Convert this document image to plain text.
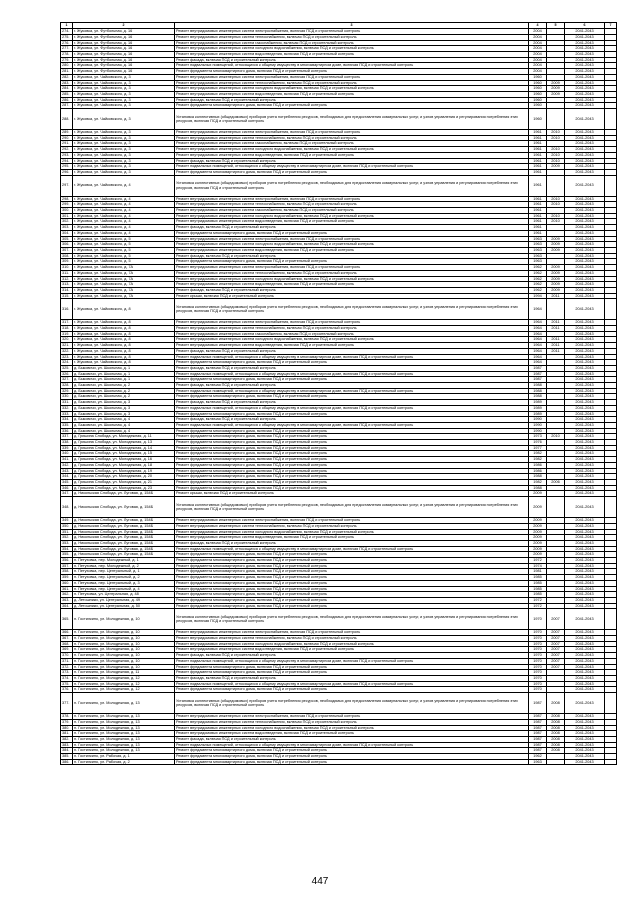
1	2	3	4	5	6	7
274.	г. Жуковка, ул. Футбольная, д. 16	Ремонт внутридомовых инженерных систем электроснабжения, включая ПСД и строительный контроль	2004		2041-2043	
275.	г. Жуковка, ул. Футбольная, д. 16	Ремонт внутридомовых инженерных систем теплоснабжения, включая ПСД и строительный контроль	2004		2041-2043	
276.	г. Жуковка, ул. Футбольная, д. 16	Ремонт внутридомовых инженерных систем газоснабжения, включая ПСД и строительный контроль	2004		2041-2043	
277.	г. Жуковка, ул. Футбольная, д. 16	Ремонт внутридомовых инженерных систем холодного водоснабжения, включая ПСД и строительный контроль	2004		2041-2043	
278.	г. Жуковка, ул. Футбольная, д. 16	Ремонт внутридомовых инженерных систем водоотведения, включая ПСД и строительный контроль	2004		2041-2043	
279.	г. Жуковка, ул. Футбольная, д. 16	Ремонт фасада, включая ПСД и строительный контроль	2004		2041-2043	
280.	г. Жуковка, ул. Футбольная, д. 16	Ремонт подвальных помещений, относящихся к общему имуществу в многоквартирном доме, включая ПСД и строительный контроль	2004		2041-2043	
281.	г. Жуковка, ул. Футбольная, д. 16	Ремонт фундамента многоквартирного дома, включая ПСД и строительный контроль	2004		2041-2043	
282.	г. Жуковка, ул. Чайковского, д. 3	Ремонт внутридомовых инженерных систем электроснабжения, включая ПСД и строительный контроль	1960		2041-2043	
283.	г. Жуковка, ул. Чайковского, д. 3	Ремонт внутридомовых инженерных систем теплоснабжения, включая ПСД и строительный контроль	1960	2009	2041-2043	
284.	г. Жуковка, ул. Чайковского, д. 3	Ремонт внутридомовых инженерных систем холодного водоснабжения, включая ПСД и строительный контроль	1960	2009	2041-2043	
285.	г. Жуковка, ул. Чайковского, д. 3	Ремонт внутридомовых инженерных систем водоотведения, включая ПСД и строительный контроль	1960	2009	2041-2043	
286.	г. Жуковка, ул. Чайковского, д. 3	Ремонт фасада, включая ПСД и строительный контроль	1960		2041-2043	
287.	г. Жуковка, ул. Чайковского, д. 3	Ремонт фундамента многоквартирного дома, включая ПСД и строительный контроль	1960		2041-2043	
288.	г. Жуковка, ул. Чайковского, д. 3	Установка коллективных (общедомовых) приборов учета потребления ресурсов, необходимых для предоставления коммунальных услуг, и узлов управления и регулирования потребления этих ресурсов, включая ПСД и строительный контроль	1960		2041-2043	
289.	г. Жуковка, ул. Чайковского, д. 3	Ремонт внутридомовых инженерных систем электроснабжения, включая ПСД и строительный контроль	1961	2010	2041-2043	
290.	г. Жуковка, ул. Чайковского, д. 3	Ремонт внутридомовых инженерных систем теплоснабжения, включая ПСД и строительный контроль	1961	2010	2041-2043	
291.	г. Жуковка, ул. Чайковского, д. 3	Ремонт внутридомовых инженерных систем газоснабжения, включая ПСД и строительный контроль	1961		2041-2043	
292.	г. Жуковка, ул. Чайковского, д. 3	Ремонт внутридомовых инженерных систем холодного водоснабжения, включая ПСД и строительный контроль	1961	2010	2041-2043	
293.	г. Жуковка, ул. Чайковского, д. 3	Ремонт внутридомовых инженерных систем водоотведения, включая ПСД и строительный контроль	1961	2010	2041-2043	
294.	г. Жуковка, ул. Чайковского, д. 3	Ремонт фасада, включая ПСД и строительный контроль	1961	2010	2041-2043	
295.	г. Жуковка, ул. Чайковского, д. 3	Ремонт подвальных помещений, относящихся к общему имуществу в многоквартирном доме, включая ПСД и строительный контроль	1961	2009	2041-2043	
296.	г. Жуковка, ул. Чайковского, д. 3	Ремонт фундамента многоквартирного дома, включая ПСД и строительный контроль	1961		2041-2043	
297.	г. Жуковка, ул. Чайковского, д. 4	Установка коллективных (общедомовых) приборов учета потребления ресурсов, необходимых для предоставления коммунальных услуг, и узлов управления и регулирования потребления этих ресурсов, включая ПСД и строительный контроль	1961		2041-2043	
298.	г. Жуковка, ул. Чайковского, д. 4	Ремонт внутридомовых инженерных систем электроснабжения, включая ПСД и строительный контроль	1961	2010	2041-2043	
299.	г. Жуковка, ул. Чайковского, д. 4	Ремонт внутридомовых инженерных систем теплоснабжения, включая ПСД и строительный контроль	1961	2010	2041-2043	
300.	г. Жуковка, ул. Чайковского, д. 4	Ремонт внутридомовых инженерных систем газоснабжения, включая ПСД и строительный контроль	1961		2041-2043	
301.	г. Жуковка, ул. Чайковского, д. 4	Ремонт внутридомовых инженерных систем холодного водоснабжения, включая ПСД и строительный контроль	1961	2010	2041-2043	
302.	г. Жуковка, ул. Чайковского, д. 4	Ремонт внутридомовых инженерных систем водоотведения, включая ПСД и строительный контроль	1961	2010	2041-2043	
303.	г. Жуковка, ул. Чайковского, д. 4	Ремонт фасада, включая ПСД и строительный контроль	1961		2041-2043	
304.	г. Жуковка, ул. Чайковского, д. 4	Ремонт фундамента многоквартирного дома, включая ПСД и строительный контроль	1961		2041-2043	
305.	г. Жуковка, ул. Чайковского, д. 5	Ремонт внутридомовых инженерных систем электроснабжения, включая ПСД и строительный контроль	1963	2009	2041-2043	
306.	г. Жуковка, ул. Чайковского, д. 5	Ремонт внутридомовых инженерных систем холодного водоснабжения, включая ПСД и строительный контроль	1963	2009	2041-2043	
307.	г. Жуковка, ул. Чайковского, д. 5	Ремонт внутридомовых инженерных систем водоотведения, включая ПСД и строительный контроль	1963	2009	2041-2043	
308.	г. Жуковка, ул. Чайковского, д. 5	Ремонт фасада, включая ПСД и строительный контроль	1963		2041-2043	
309.	г. Жуковка, ул. Чайковского, д. 5	Ремонт фундамента многоквартирного дома, включая ПСД и строительный контроль	1963		2041-2043	
310.	г. Жуковка, ул. Чайковского, д. 7А	Ремонт внутридомовых инженерных систем электроснабжения, включая ПСД и строительный контроль	1962	2009	2041-2043	
311.	г. Жуковка, ул. Чайковского, д. 7А	Ремонт внутридомовых инженерных систем теплоснабжения, включая ПСД и строительный контроль	1962	2009	2041-2043	
312.	г. Жуковка, ул. Чайковского, д. 7А	Ремонт внутридомовых инженерных систем холодного водоснабжения, включая ПСД и строительный контроль	1962	2009	2041-2043	
313.	г. Жуковка, ул. Чайковского, д. 7А	Ремонт внутридомовых инженерных систем водоотведения, включая ПСД и строительный контроль	1962	2009	2041-2043	
314.	г. Жуковка, ул. Чайковского, д. 7А	Ремонт фасада, включая ПСД и строительный контроль	1962	2009	2041-2043	
315.	г. Жуковка, ул. Чайковского, д. 7А	Ремонт крыши, включая ПСД и строительный контроль	1994	2011	2041-2043	
316.	г. Жуковка, ул. Чайковского, д. 8	Установка коллективных (общедомовых) приборов учета потребления ресурсов, необходимых для предоставления коммунальных услуг, и узлов управления и регулирования потребления этих ресурсов, включая ПСД и строительный контроль	1964		2041-2043	
317.	г. Жуковка, ул. Чайковского, д. 8	Ремонт внутридомовых инженерных систем электроснабжения, включая ПСД и строительный контроль	1964	2011	2041-2043	
318.	г. Жуковка, ул. Чайковского, д. 8	Ремонт внутридомовых инженерных систем теплоснабжения, включая ПСД и строительный контроль	1964	2011	2041-2043	
319.	г. Жуковка, ул. Чайковского, д. 8	Ремонт внутридомовых инженерных систем газоснабжения, включая ПСД и строительный контроль	1964		2041-2043	
320.	г. Жуковка, ул. Чайковского, д. 8	Ремонт внутридомовых инженерных систем холодного водоснабжения, включая ПСД и строительный контроль	1964	2011	2041-2043	
321.	г. Жуковка, ул. Чайковского, д. 8	Ремонт внутридомовых инженерных систем водоотведения, включая ПСД и строительный контроль	1964	2011	2041-2043	
322.	г. Жуковка, ул. Чайковского, д. 8	Ремонт фасада, включая ПСД и строительный контроль	1964	2011	2041-2043	
323.	г. Жуковка, ул. Чайковского, д. 8	Ремонт подвальных помещений, относящихся к общему имуществу в многоквартирном доме, включая ПСД и строительный контроль	1964		2041-2043	
324.	г. Жуковка, ул. Чайковского, д. 8	Ремонт фундамента многоквартирного дома, включая ПСД и строительный контроль	1964		2041-2043	
325.	д. Быковичи, ул. Школьная, д. 1	Ремонт фасада, включая ПСД и строительный контроль	1987		2041-2043	
326.	д. Быковичи, ул. Школьная, д. 1	Ремонт подвальных помещений, относящихся к общему имуществу в многоквартирном доме, включая ПСД и строительный контроль	1987		2041-2043	
327.	д. Быковичи, ул. Школьная, д. 1	Ремонт фундамента многоквартирного дома, включая ПСД и строительный контроль	1987		2041-2043	
328.	д. Быковичи, ул. Школьная, д. 2	Ремонт фасада, включая ПСД и строительный контроль	1988		2041-2043	
329.	д. Быковичи, ул. Школьная, д. 2	Ремонт подвальных помещений, относящихся к общему имуществу в многоквартирном доме, включая ПСД и строительный контроль	1988		2041-2043	
330.	д. Быковичи, ул. Школьная, д. 2	Ремонт фундамента многоквартирного дома, включая ПСД и строительный контроль	1988		2041-2043	
331.	д. Быковичи, ул. Школьная, д. 3	Ремонт фасада, включая ПСД и строительный контроль	1989		2041-2043	
332.	д. Быковичи, ул. Школьная, д. 3	Ремонт подвальных помещений, относящихся к общему имуществу в многоквартирном доме, включая ПСД и строительный контроль	1989		2041-2043	
333.	д. Быковичи, ул. Школьная, д. 3	Ремонт фундамента многоквартирного дома, включая ПСД и строительный контроль	1989		2041-2043	
334.	д. Быковичи, ул. Школьная, д. 4	Ремонт фасада, включая ПСД и строительный контроль	1990		2041-2043	
335.	д. Быковичи, ул. Школьная, д. 4	Ремонт подвальных помещений, относящихся к общему имуществу в многоквартирном доме, включая ПСД и строительный контроль	1990		2041-2043	
336.	д. Быковичи, ул. Школьная, д. 4	Ремонт фундамента многоквартирного дома, включая ПСД и строительный контроль	1990		2041-2043	
337.	д. Гришина Слобода, ул. Молодежная, д. 11	Ремонт фундамента многоквартирного дома, включая ПСД и строительный контроль	1973	2010	2041-2043	
338.	д. Гришина Слобода, ул. Молодежная, д. 13	Ремонт фундамента многоквартирного дома, включая ПСД и строительный контроль	1976		2041-2043	
339.	д. Гришина Слобода, ул. Молодежная, д. 14	Ремонт фундамента многоквартирного дома, включая ПСД и строительный контроль	1977		2041-2043	
340.	д. Гришина Слобода, ул. Молодежная, д. 15	Ремонт фундамента многоквартирного дома, включая ПСД и строительный контроль	1982		2041-2043	
341.	д. Гришина Слобода, ул. Молодежная, д. 16	Ремонт фундамента многоквартирного дома, включая ПСД и строительный контроль	1982		2041-2043	
342.	д. Гришина Слобода, ул. Молодежная, д. 18	Ремонт фундамента многоквартирного дома, включая ПСД и строительный контроль	1986		2041-2043	
343.	д. Гришина Слобода, ул. Молодежная, д. 19	Ремонт фундамента многоквартирного дома, включая ПСД и строительный контроль	1986		2041-2043	
344.	д. Гришина Слобода, ул. Молодежная, д. 20	Ремонт фундамента многоквартирного дома, включая ПСД и строительный контроль	1988		2041-2043	
345.	д. Гришина Слобода, ул. Молодежная, д. 21	Ремонт фундамента многоквартирного дома, включая ПСД и строительный контроль	1982	2006	2041-2043	
346.	д. Гришина Слобода, ул. Молодежная, д. 23	Ремонт фундамента многоквартирного дома, включая ПСД и строительный контроль	1988		2041-2043	
347.	д. Никольская Слобода, ул. Луговая, д. 154Б	Ремонт крыши, включая ПСД и строительный контроль	2009		2041-2043	
348.	д. Никольская Слобода, ул. Луговая, д. 154Б	Установка коллективных (общедомовых) приборов учета потребления ресурсов, необходимых для предоставления коммунальных услуг, и узлов управления и регулирования потребления этих ресурсов, включая ПСД и строительный контроль	2009		2041-2043	
349.	д. Никольская Слобода, ул. Луговая, д. 154Б	Ремонт внутридомовых инженерных систем электроснабжения, включая ПСД и строительный контроль	2009		2041-2043	
350.	д. Никольская Слобода, ул. Луговая, д. 154Б	Ремонт внутридомовых инженерных систем теплоснабжения, включая ПСД и строительный контроль	2009		2041-2043	
351.	д. Никольская Слобода, ул. Луговая, д. 154Б	Ремонт внутридомовых инженерных систем холодного водоснабжения, включая ПСД и строительный контроль	2009		2041-2043	
352.	д. Никольская Слобода, ул. Луговая, д. 154Б	Ремонт внутридомовых инженерных систем водоотведения, включая ПСД и строительный контроль	2009		2041-2043	
353.	д. Никольская Слобода, ул. Луговая, д. 154Б	Ремонт фасада, включая ПСД и строительный контроль	2009		2041-2043	
354.	д. Никольская Слобода, ул. Луговая, д. 154Б	Ремонт подвальных помещений, относящихся к общему имуществу в многоквартирном доме, включая ПСД и строительный контроль	2009		2041-2043	
355.	д. Никольская Слобода, ул. Луговая, д. 154Б	Ремонт фундамента многоквартирного дома, включая ПСД и строительный контроль	2009		2041-2043	
356.	п. Петуховка, пер. Молодежный, д. 1	Ремонт фундамента многоквартирного дома, включая ПСД и строительный контроль	1972		2041-2043	
357.	п. Петуховка, пер. Молодежный, д. 2	Ремонт фундамента многоквартирного дома, включая ПСД и строительный контроль	1974		2041-2043	
358.	п. Петуховка, пер. Центральный, д. 1	Ремонт фундамента многоквартирного дома, включая ПСД и строительный контроль	1981		2041-2043	
359.	п. Петуховка, пер. Центральный, д. 2	Ремонт фундамента многоквартирного дома, включая ПСД и строительный контроль	1985		2041-2043	
360.	п. Петуховка, пер. Центральный, д. 3	Ремонт фундамента многоквартирного дома, включая ПСД и строительный контроль	1985		2041-2043	
361.	п. Петуховка, пер. Центральный, д. 4	Ремонт фундамента многоквартирного дома, включая ПСД и строительный контроль	1985		2041-2043	
362.	п. Петуховка, ул. Центральная, д. 48	Ремонт фундамента многоквартирного дома, включая ПСД и строительный контроль	1985		2041-2043	
363.	д. Летошники, ул. Центральная, д. 49	Ремонт фундамента многоквартирного дома, включая ПСД и строительный контроль	1972		2041-2043	
364.	д. Летошники, ул. Центральная, д. 50	Ремонт фундамента многоквартирного дома, включая ПСД и строительный контроль	1972		2041-2043	
365.	п. Гостилкино, ул. Молодежная, д. 10	Установка коллективных (общедомовых) приборов учета потребления ресурсов, необходимых для предоставления коммунальных услуг, и узлов управления и регулирования потребления этих ресурсов, включая ПСД и строительный контроль	1970	2007	2041-2043	
366.	п. Гостилкино, ул. Молодежная, д. 10	Ремонт внутридомовых инженерных систем электроснабжения, включая ПСД и строительный контроль	1970	2007	2041-2043	
367.	п. Гостилкино, ул. Молодежная, д. 10	Ремонт внутридомовых инженерных систем теплоснабжения, включая ПСД и строительный контроль	1970	2007	2041-2043	
368.	п. Гостилкино, ул. Молодежная, д. 10	Ремонт внутридомовых инженерных систем холодного водоснабжения, включая ПСД и строительный контроль	1970	2007	2041-2043	
369.	п. Гостилкино, ул. Молодежная, д. 10	Ремонт внутридомовых инженерных систем водоотведения, включая ПСД и строительный контроль	1970	2007	2041-2043	
370.	п. Гостилкино, ул. Молодежная, д. 10	Ремонт фасада, включая ПСД и строительный контроль	1970	2007	2041-2043	
371.	п. Гостилкино, ул. Молодежная, д. 10	Ремонт подвальных помещений, относящихся к общему имуществу в многоквартирном доме, включая ПСД и строительный контроль	1970	2007	2041-2043	
372.	п. Гостилкино, ул. Молодежная, д. 10	Ремонт фундамента многоквартирного дома, включая ПСД и строительный контроль	1970	2007	2041-2043	
373.	п. Гостилкино, ул. Молодежная, д. 11	Ремонт фундамента многоквартирного дома, включая ПСД и строительный контроль	1970		2041-2043	
374.	п. Гостилкино, ул. Молодежная, д. 12	Ремонт фасада, включая ПСД и строительный контроль	1970		2041-2043	
375.	п. Гостилкино, ул. Молодежная, д. 12	Ремонт подвальных помещений, относящихся к общему имуществу в многоквартирном доме, включая ПСД и строительный контроль	1970		2041-2043	
376.	п. Гостилкино, ул. Молодежная, д. 12	Ремонт фундамента многоквартирного дома, включая ПСД и строительный контроль	1970		2041-2043	
377.	п. Гостилкино, ул. Молодежная, д. 13	Установка коллективных (общедомовых) приборов учета потребления ресурсов, необходимых для предоставления коммунальных услуг, и узлов управления и регулирования потребления этих ресурсов, включая ПСД и строительный контроль	1987	2008	2041-2043	
378.	п. Гостилкино, ул. Молодежная, д. 13	Ремонт внутридомовых инженерных систем электроснабжения, включая ПСД и строительный контроль	1987	2008	2041-2043	
379.	п. Гостилкино, ул. Молодежная, д. 13	Ремонт внутридомовых инженерных систем теплоснабжения, включая ПСД и строительный контроль	1987	2008	2041-2043	
380.	п. Гостилкино, ул. Молодежная, д. 13	Ремонт внутридомовых инженерных систем холодного водоснабжения, включая ПСД и строительный контроль	1987	2008	2041-2043	
381.	п. Гостилкино, ул. Молодежная, д. 13	Ремонт внутридомовых инженерных систем водоотведения, включая ПСД и строительный контроль	1987	2008	2041-2043	
382.	п. Гостилкино, ул. Молодежная, д. 13	Ремонт фасада, включая ПСД и строительный контроль	1987	2008	2041-2043	
383.	п. Гостилкино, ул. Молодежная, д. 13	Ремонт подвальных помещений, относящихся к общему имуществу в многоквартирном доме, включая ПСД и строительный контроль	1987	2008	2041-2043	
384.	п. Гостилкино, ул. Молодежная, д. 13	Ремонт фундамента многоквартирного дома, включая ПСД и строительный контроль	1987	2008	2041-2043	
385.	п. Гостилкино, ул. Рабочая, д. 1	Ремонт фундамента многоквартирного дома, включая ПСД и строительный контроль	1962		2041-2043	
386.	п. Гостилкино, ул. Рабочая, д. 2	Ремонт фундамента многоквартирного дома, включая ПСД и строительный контроль	1963		2041-2043	
447
